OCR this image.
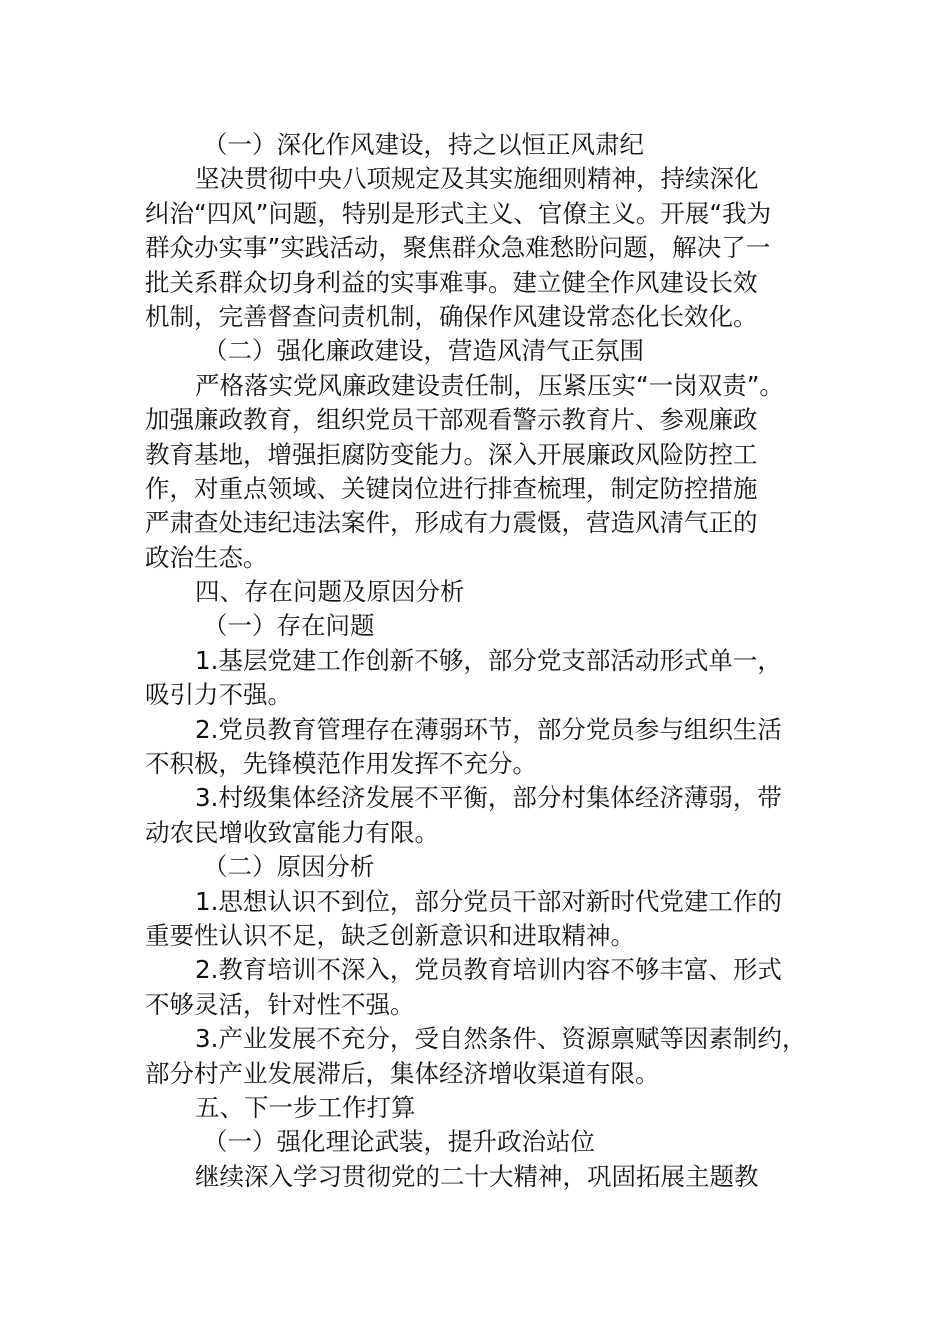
（一）深化作风建设，持之以恒正风肃纪
坚决贯彻中央八项规定及其实施细则精神，持续深化
纠治“四风”问题，特别是形式主义、官僚主义。开展“我为
群众办实事”实践活动，聚焦群众急难愁盼问题，解决了一
批关系群众切身利益的实事难事。建立健全作风建设长效
机制，完善督查问责机制，确保作风建设常态化长效化。
（二）强化廉政建设，营造风清气正氛围
严格落实党风廉政建设责任制，压紧压实“一岗双责”。
加强廉政教育，组织党员干部观看警示教育片、参观廉政
教育基地，增强拒腐防变能力。深入开展廉政风险防控工
作，对重点领域、关键岗位进行排查梳理，制定防控措施
严肃查处违纪违法案件，形成有力震慑，营造风清气正的
政治生态。
四、存在问题及原因分析
（一）存在问题
1.基层党建工作创新不够，部分党支部活动形式单一，
吸引力不强。
2.党员教育管理存在薄弱环节，部分党员参与组织生活
不积极，先锋模范作用发挥不充分。
3.村级集体经济发展不平衡，部分村集体经济薄弱，带
动农民增收致富能力有限。
（二）原因分析
1.思想认识不到位，部分党员干部对新时代党建工作的
重要性认识不足，缺乏创新意识和进取精神。
2.教育培训不深入，党员教育培训内容不够丰富、形式
不够灵活，针对性不强。
3.产业发展不充分，受自然条件、资源禀赋等因素制约，
部分村产业发展滞后，集体经济增收渠道有限。
五、下一步工作打算
（一）强化理论武装，提升政治站位
继续深入学习贯彻党的二十大精神，巩固拓展主题教
